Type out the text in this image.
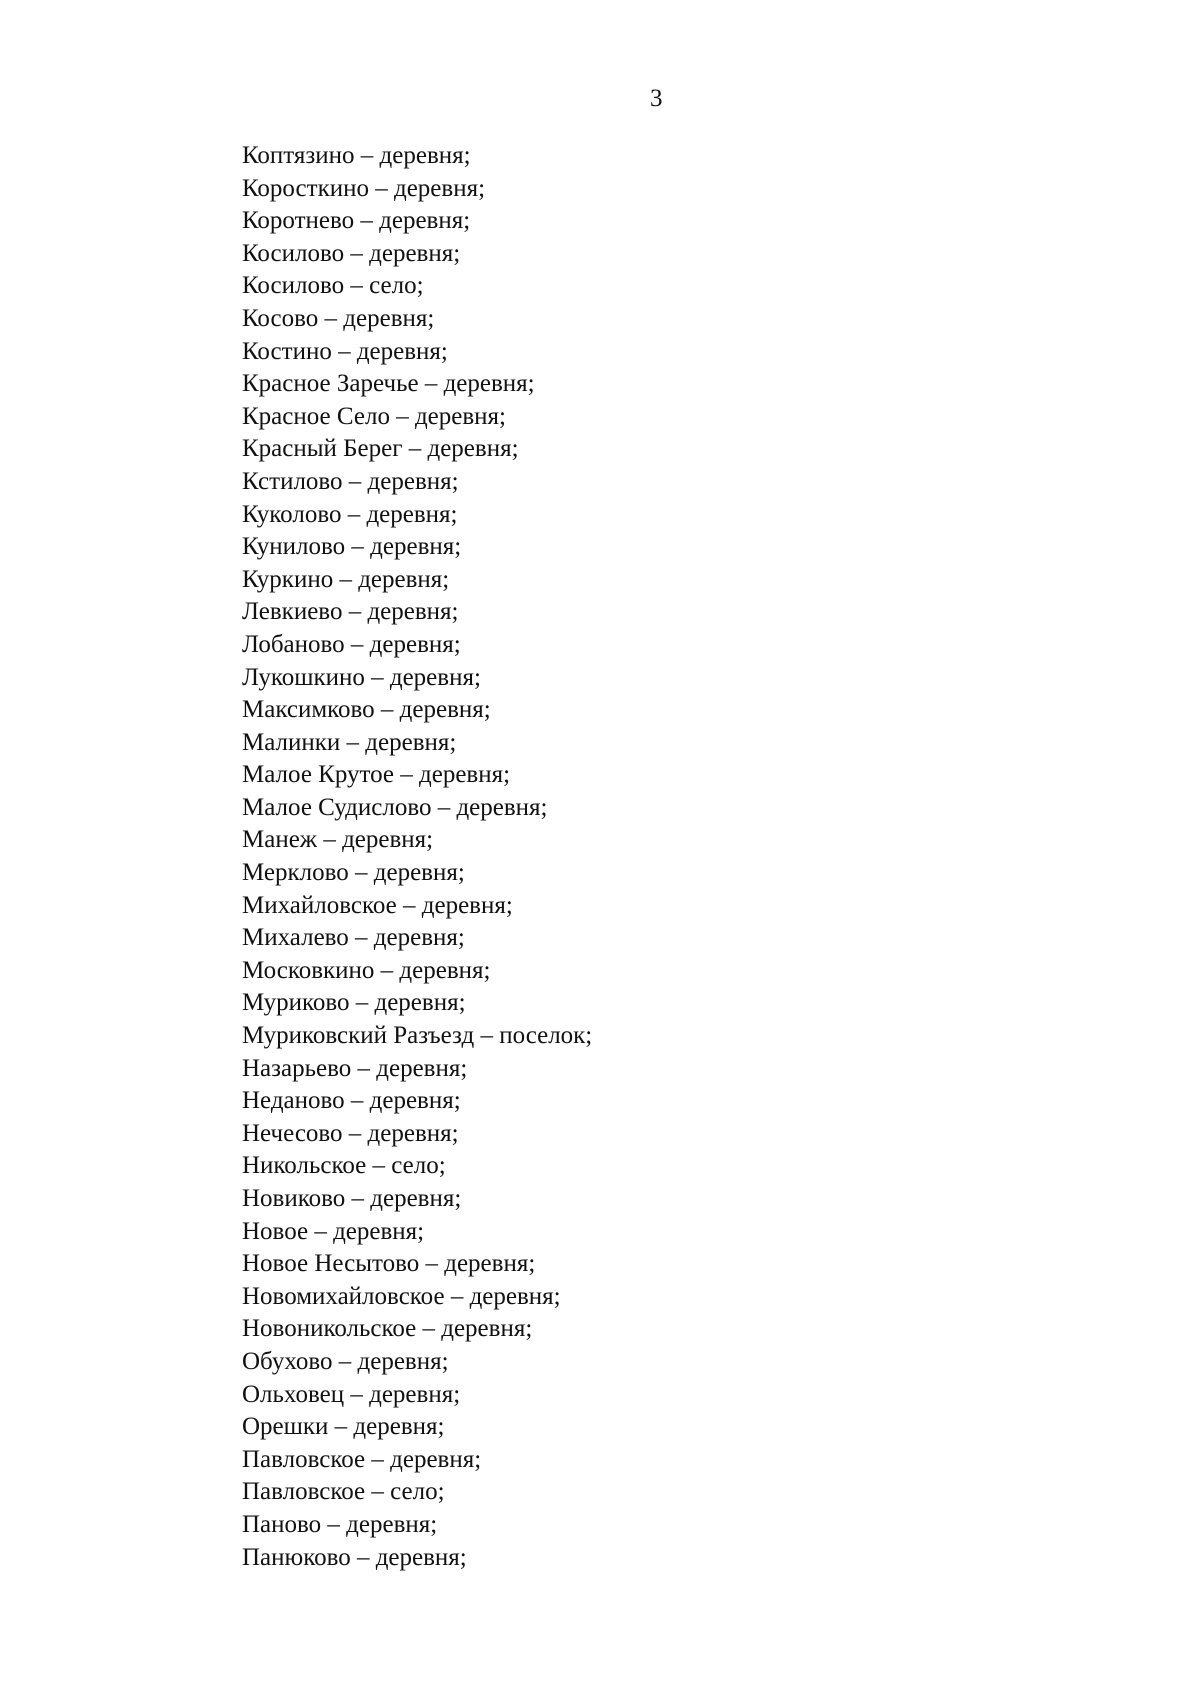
3
Коптязино – деревня;
Коросткино – деревня;
Коротнево – деревня;
Косилово – деревня;
Косилово – село;
Косово – деревня;
Костино – деревня;
Красное Заречье – деревня;
Красное Село – деревня;
Красный Берег – деревня;
Кстилово – деревня;
Куколово – деревня;
Кунилово – деревня;
Куркино – деревня;
Левкиево – деревня;
Лобаново – деревня;
Лукошкино – деревня;
Максимково – деревня;
Малинки – деревня;
Малое Крутое – деревня;
Малое Судислово – деревня;
Манеж – деревня;
Мерклово – деревня;
Михайловское – деревня;
Михалево – деревня;
Московкино – деревня;
Муриково – деревня;
Муриковский Разъезд – поселок;
Назарьево – деревня;
Неданово – деревня;
Нечесово – деревня;
Никольское – село;
Новиково – деревня;
Новое – деревня;
Новое Несытово – деревня;
Новомихайловское – деревня;
Новоникольское – деревня;
Обухово – деревня;
Ольховец – деревня;
Орешки – деревня;
Павловское – деревня;
Павловское – село;
Паново – деревня;
Панюково – деревня;
